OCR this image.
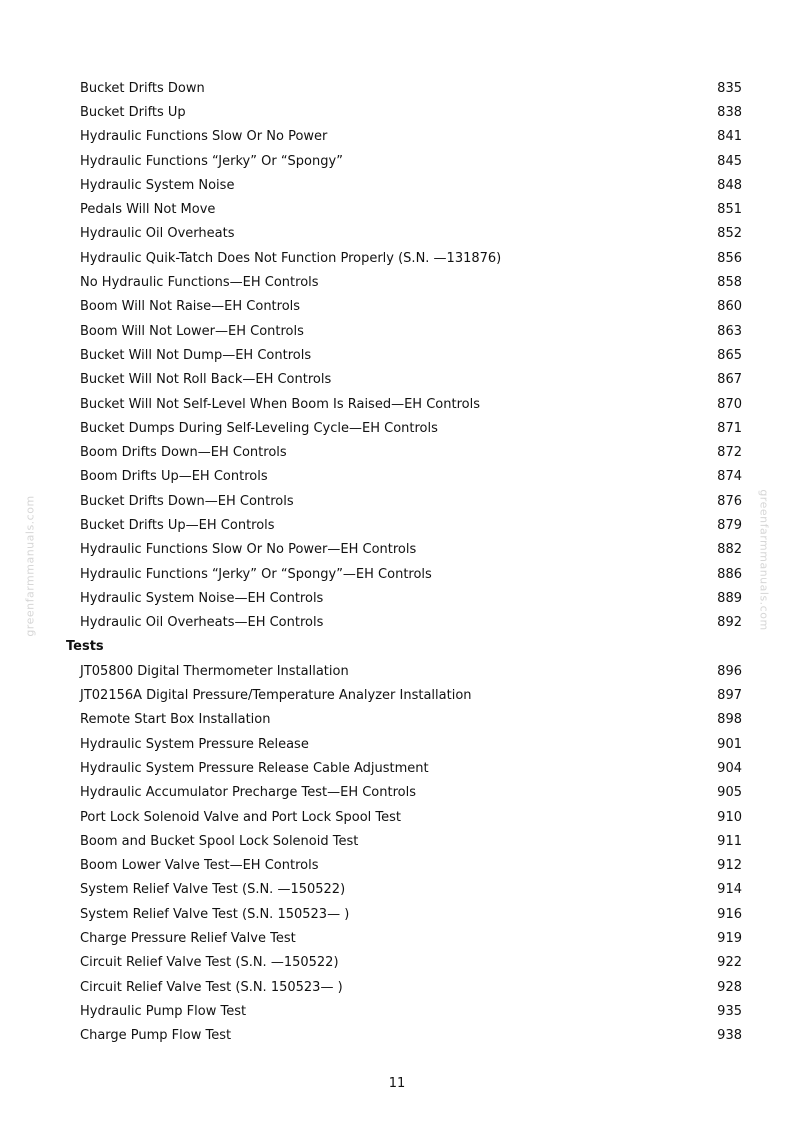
greenfarmmanuals.com	greenfarmmanuals.com
Bucket Drifts Down	835
Bucket Drifts Up	838
Hydraulic Functions Slow Or No Power	841
Hydraulic Functions “Jerky” Or “Spongy”	845
Hydraulic System Noise	848
Pedals Will Not Move	851
Hydraulic Oil Overheats	852
Hydraulic Quik-Tatch Does Not Function Properly (S.N. —131876)	856
No Hydraulic Functions—EH Controls	858
Boom Will Not Raise—EH Controls	860
Boom Will Not Lower—EH Controls	863
Bucket Will Not Dump—EH Controls	865
Bucket Will Not Roll Back—EH Controls	867
Bucket Will Not Self-Level When Boom Is Raised—EH Controls	870
Bucket Dumps During Self-Leveling Cycle—EH Controls	871
Boom Drifts Down—EH Controls	872
Boom Drifts Up—EH Controls	874
Bucket Drifts Down—EH Controls	876
Bucket Drifts Up—EH Controls	879
Hydraulic Functions Slow Or No Power—EH Controls	882
Hydraulic Functions “Jerky” Or “Spongy”—EH Controls	886
Hydraulic System Noise—EH Controls	889
Hydraulic Oil Overheats—EH Controls	892
Tests
JT05800 Digital Thermometer Installation	896
JT02156A Digital Pressure/Temperature Analyzer Installation	897
Remote Start Box Installation	898
Hydraulic System Pressure Release	901
Hydraulic System Pressure Release Cable Adjustment	904
Hydraulic Accumulator Precharge Test—EH Controls	905
Port Lock Solenoid Valve and Port Lock Spool Test	910
Boom and Bucket Spool Lock Solenoid Test	911
Boom Lower Valve Test—EH Controls	912
System Relief Valve Test (S.N. —150522)	914
System Relief Valve Test (S.N. 150523— )	916
Charge Pressure Relief Valve Test	919
Circuit Relief Valve Test (S.N. —150522)	922
Circuit Relief Valve Test (S.N. 150523— )	928
Hydraulic Pump Flow Test	935
Charge Pump Flow Test	938
11
